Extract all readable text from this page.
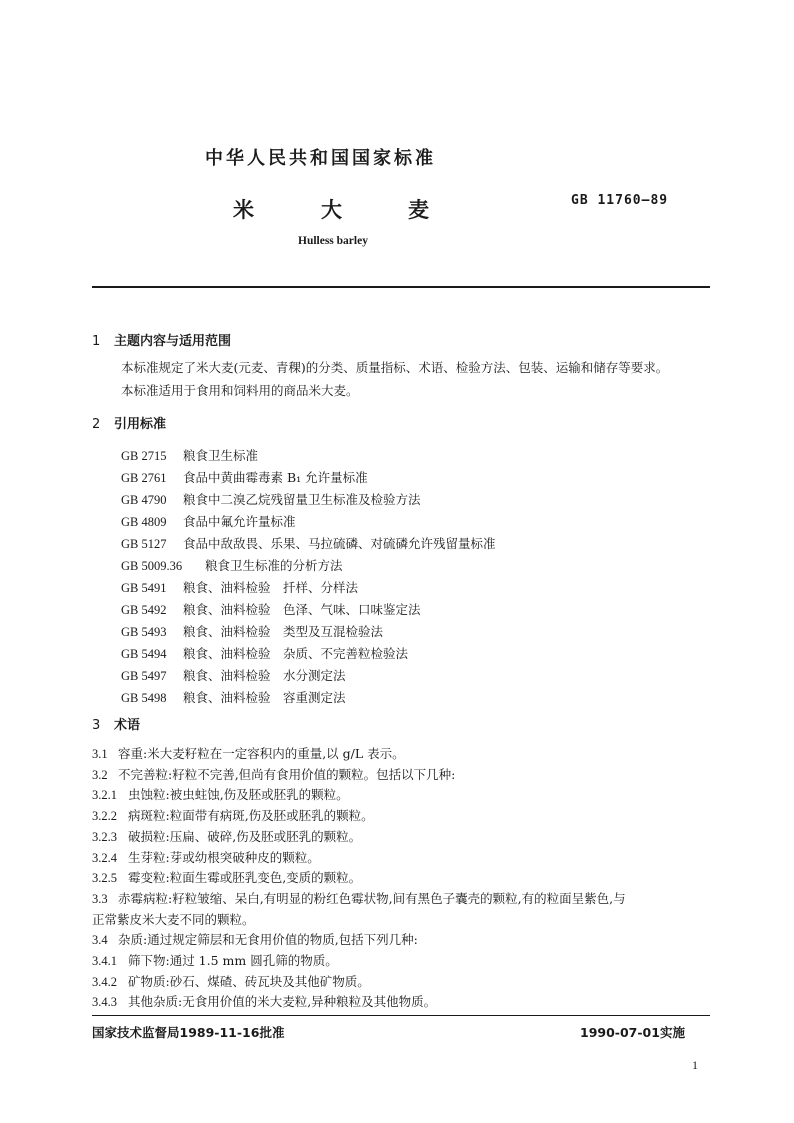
中华人民共和国国家标准
米	大	麦	GB 11760—89
Hulless barley
1 主题内容与适用范围
本标准规定了米大麦(元麦、青稞)的分类、质量指标、术语、检验方法、包装、运输和储存等要求。
本标准适用于食用和饲料用的商品米大麦。
2 引用标准
GB 2715 粮食卫生标准
GB 2761 食品中黄曲霉毒素 B₁ 允许量标准
GB 4790 粮食中二溴乙烷残留量卫生标准及检验方法
GB 4809 食品中氟允许量标准
GB 5127 食品中敌敌畏、乐果、马拉硫磷、对硫磷允许残留量标准
GB 5009.36 粮食卫生标准的分析方法
GB 5491 粮食、油料检验　扦样、分样法
GB 5492 粮食、油料检验　色泽、气味、口味鉴定法
GB 5493 粮食、油料检验　类型及互混检验法
GB 5494 粮食、油料检验　杂质、不完善粒检验法
GB 5497 粮食、油料检验　水分测定法
GB 5498 粮食、油料检验　容重测定法
3 术语
3.1 容重:米大麦籽粒在一定容积内的重量,以 g/L 表示。
3.2 不完善粒:籽粒不完善,但尚有食用价值的颗粒。包括以下几种:
3.2.1 虫蚀粒:被虫蛀蚀,伤及胚或胚乳的颗粒。
3.2.2 病斑粒:粒面带有病斑,伤及胚或胚乳的颗粒。
3.2.3 破损粒:压扁、破碎,伤及胚或胚乳的颗粒。
3.2.4 生芽粒:芽或幼根突破种皮的颗粒。
3.2.5 霉变粒:粒面生霉或胚乳变色,变质的颗粒。
3.3 赤霉病粒:籽粒皱缩、呆白,有明显的粉红色霉状物,间有黑色子囊壳的颗粒,有的粒面呈紫色,与
正常紫皮米大麦不同的颗粒。
3.4 杂质:通过规定筛层和无食用价值的物质,包括下列几种:
3.4.1 筛下物:通过 1.5 mm 圆孔筛的物质。
3.4.2 矿物质:砂石、煤碴、砖瓦块及其他矿物质。
3.4.3 其他杂质:无食用价值的米大麦粒,异种粮粒及其他物质。
国家技术监督局1989-11-16批准	1990-07-01实施
1
